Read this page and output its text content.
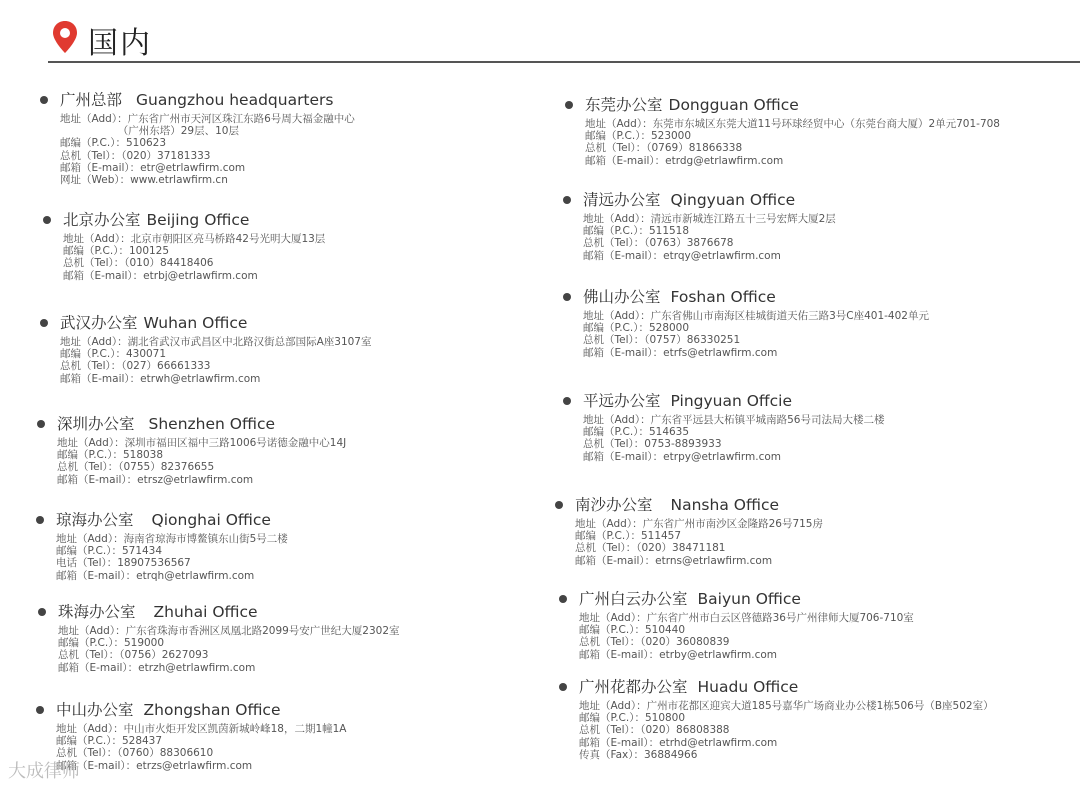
国内
广州总部 Guangzhou headquarters
地址（Add）：广东省广州市天河区珠江东路6号周大福金融中心
　　　　　　（广州东塔）29层、10层
邮编（P.C.）：510623
总机（Tel）：（020）37181333
邮箱（E-mail）：etr@etrlawfirm.com
网址（Web）：www.etrlawfirm.cn
北京办公室 Beijing Office
地址（Add）：北京市朝阳区亮马桥路42号光明大厦13层
邮编（P.C.）：100125
总机（Tel）：（010）84418406
邮箱（E-mail）：etrbj@etrlawfirm.com
武汉办公室 Wuhan Office
地址（Add）：湖北省武汉市武昌区中北路汉街总部国际A座3107室
邮编（P.C.）：430071
总机（Tel）：（027）66661333
邮箱（E-mail）：etrwh@etrlawfirm.com
深圳办公室 Shenzhen Office
地址（Add）：深圳市福田区福中三路1006号诺德金融中心14J
邮编（P.C.）：518038
总机（Tel）：（0755）82376655
邮箱（E-mail）：etrsz@etrlawfirm.com
琼海办公室 Qionghai Office
地址（Add）：海南省琼海市博鳌镇东山街5号二楼
邮编（P.C.）：571434
电话（Tel）：18907536567
邮箱（E-mail）：etrqh@etrlawfirm.com
珠海办公室 Zhuhai Office
地址（Add）：广东省珠海市香洲区凤凰北路2099号安广世纪大厦2302室
邮编（P.C.）：519000
总机（Tel）：（0756）2627093
邮箱（E-mail）：etrzh@etrlawfirm.com
中山办公室 Zhongshan Office
地址（Add）：中山市火炬开发区凯茵新城岭峰18，二期1幢1A
邮编（P.C.）：528437
总机（Tel）：（0760）88306610
邮箱（E-mail）：etrzs@etrlawfirm.com
东莞办公室 Dongguan Office
地址（Add）：东莞市东城区东莞大道11号环球经贸中心（东莞台商大厦）2单元701-708
邮编（P.C.）：523000
总机（Tel）：（0769）81866338
邮箱（E-mail）：etrdg@etrlawfirm.com
清远办公室 Qingyuan Office
地址（Add）：清远市新城连江路五十三号宏辉大厦2层
邮编（P.C.）：511518
总机（Tel）：（0763）3876678
邮箱（E-mail）：etrqy@etrlawfirm.com
佛山办公室 Foshan Office
地址（Add）：广东省佛山市南海区桂城街道天佑三路3号C座401-402单元
邮编（P.C.）：528000
总机（Tel）：（0757）86330251
邮箱（E-mail）：etrfs@etrlawfirm.com
平远办公室 Pingyuan Offcie
地址（Add）：广东省平远县大柘镇平城南路56号司法局大楼二楼
邮编（P.C.）：514635
总机（Tel）：0753-8893933
邮箱（E-mail）：etrpy@etrlawfirm.com
南沙办公室 Nansha Office
地址（Add）：广东省广州市南沙区金隆路26号715房
邮编（P.C.）：511457
总机（Tel）：（020）38471181
邮箱（E-mail）：etrns@etrlawfirm.com
广州白云办公室 Baiyun Office
地址（Add）：广东省广州市白云区啓德路36号广州律师大厦706-710室
邮编（P.C.）：510440
总机（Tel）：（020）36080839
邮箱（E-mail）：etrby@etrlawfirm.com
广州花都办公室 Huadu Office
地址（Add）：广州市花都区迎宾大道185号嘉华广场商业办公楼1栋506号（B座502室）
邮编（P.C.）：510800
总机（Tel）：（020）86808388
邮箱（E-mail）：etrhd@etrlawfirm.com
传真（Fax）：36884966
大成律师
